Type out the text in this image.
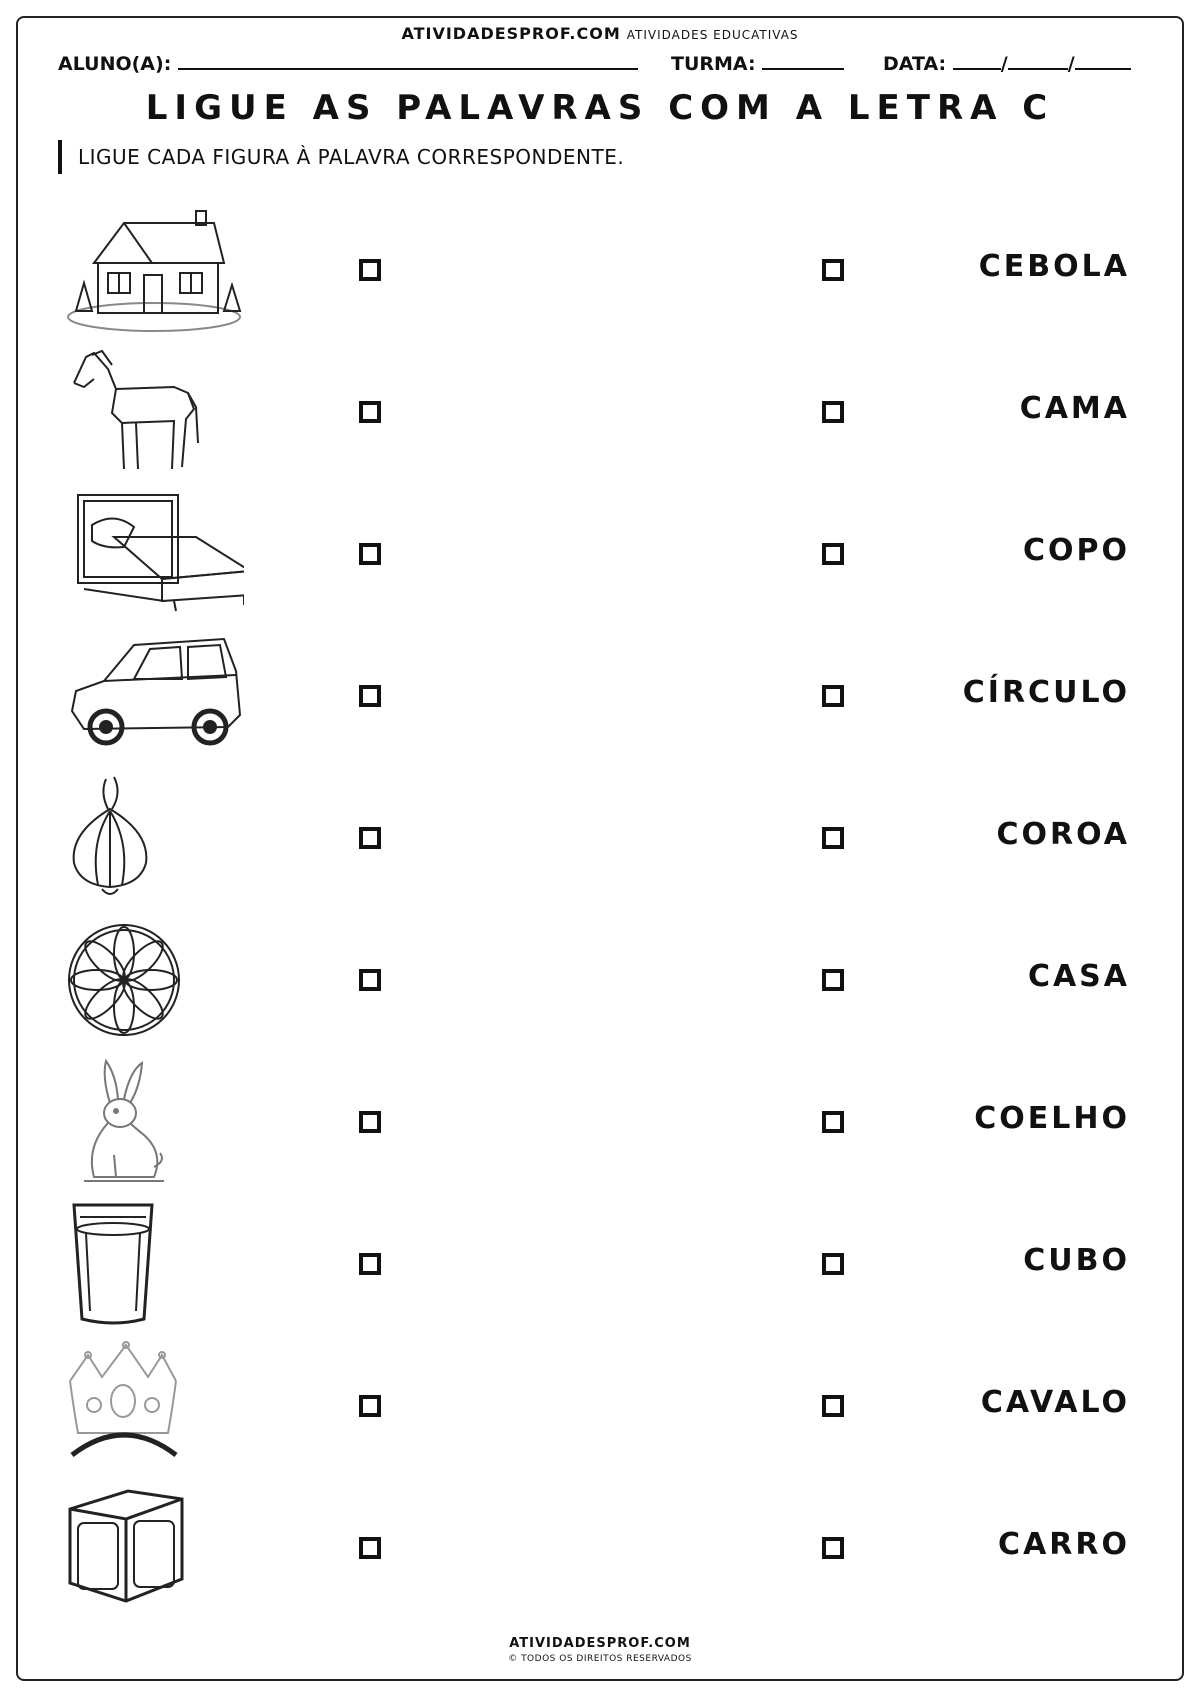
ATIVIDADESPROF.COM ATIVIDADES EDUCATIVAS
ALUNO(A):	TURMA:	DATA:	/	/
LIGUE AS PALAVRAS COM A LETRA C
LIGUE CADA FIGURA À PALAVRA CORRESPONDENTE.
CEBOLA
CAMA
COPO
CÍRCULO
COROA
CASA
COELHO
CUBO
CAVALO
CARRO
ATIVIDADESPROF.COM
© TODOS OS DIREITOS RESERVADOS
